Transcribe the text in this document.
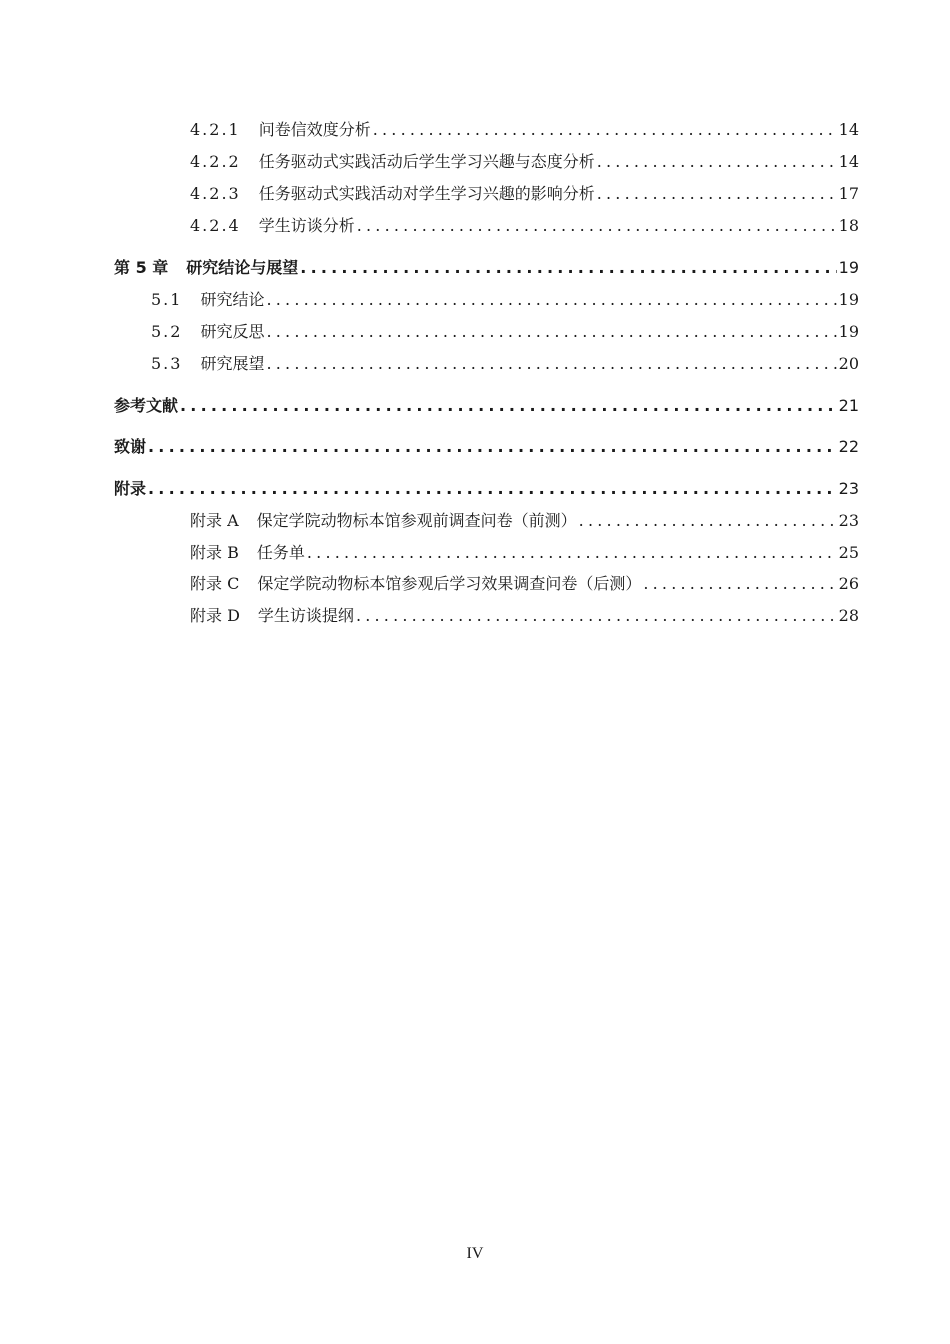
4.2.1 问卷信效度分析 .....	14
4.2.2 任务驱动式实践活动后学生学习兴趣与态度分析 .....	14
4.2.3 任务驱动式实践活动对学生学习兴趣的影响分析 .....	17
4.2.4 学生访谈分析 .....	18
第 5 章 研究结论与展望 .....	19
5.1 研究结论 .....	19
5.2 研究反思 .....	19
5.3 研究展望 .....	20
参考文献 .....	21
致谢 .....	22
附录 .....	23
附录 A 保定学院动物标本馆参观前调查问卷（前测） .....	23
附录 B 任务单 .....	25
附录 C 保定学院动物标本馆参观后学习效果调查问卷（后测） .....	26
附录 D 学生访谈提纲 .....	28
IV
